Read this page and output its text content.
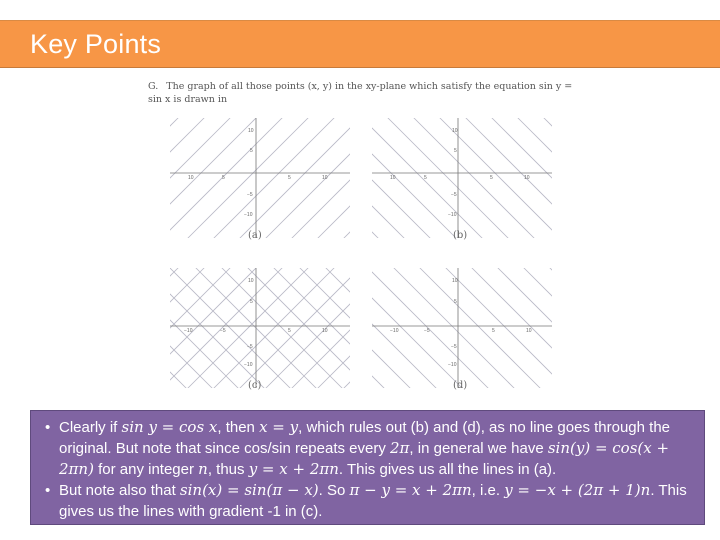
Key Points
G. The graph of all those points (x, y) in the xy-plane which satisfy the equation sin y = sin x is drawn in
10	5	5	10
10
5
−5
−10
(a)
10	5	5	10
10
5
−5
−10
(b)
−10	−5	5	10
10
5
−5
−10
(c)
−10	−5	5	10
10
5
−5
−10
(d)

• Clearly if sin y = cos x, then x = y, which rules out (b) and (d), as no line goes through the original. But note that since cos/sin repeats every 2π, in general we have sin(y) = cos(x + 2πn) for any integer n, thus y = x + 2πn. This gives us all the lines in (a).

• But note also that sin(x) = sin(π − x). So π − y = x + 2πn, i.e. y = −x + (2π + 1)n. This gives us the lines with gradient -1 in (c).
